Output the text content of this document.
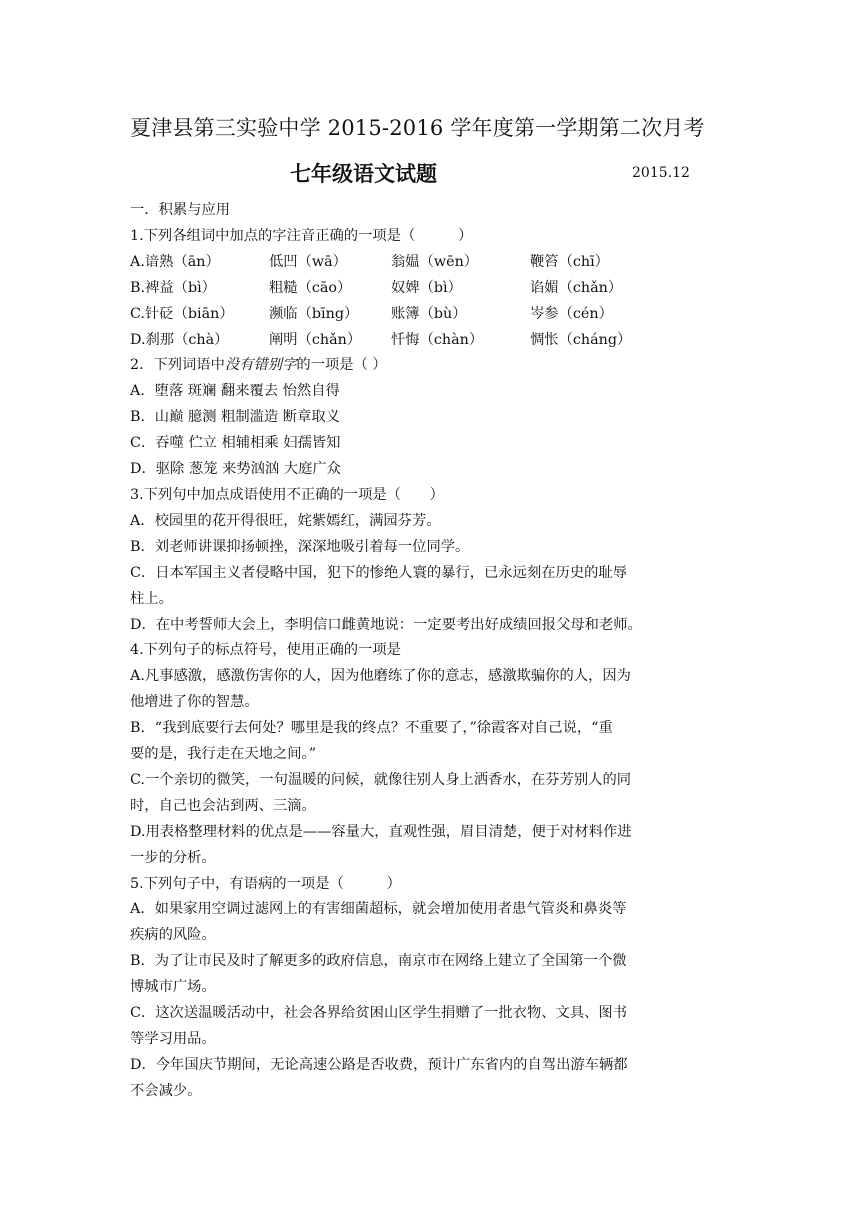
夏津县第三实验中学 2015-2016 学年度第一学期第二次月考
七年级语文试题	2015.12
一．积累与应用
1.下列各组词中加点的字注音正确的一项是（　　　）
A.谙熟（ān）	低凹（wā）	翁媪（wēn）	鞭笞（chī）
B.裨益（bì）	粗糙（cāo）	奴婢（bì）	谄媚（chǎn）
C.针砭（biān）	濒临（bīng）	账簿（bù）	岑参（cén）
D.刹那（chà）	阐明（chǎn）	忏悔（chàn）	惆怅（cháng）
2．下列词语中没有错别字的一项是（ ）
A．堕落 斑斓 翻来覆去 怡然自得
B．山巅 臆测 粗制滥造 断章取义
C．吞噬 伫立 相辅相乘 妇孺皆知
D．驱除 葱笼 来势汹汹 大庭广众
3.下列句中加点成语使用不正确的一项是（　　）
A．校园里的花开得很旺，姹紫嫣红，满园芬芳。
B．刘老师讲课抑扬顿挫，深深地吸引着每一位同学。
C．日本军国主义者侵略中国，犯下的惨绝人寰的暴行，已永远刻在历史的耻辱
柱上。
D．在中考誓师大会上，李明信口雌黄地说：一定要考出好成绩回报父母和老师。
4.下列句子的标点符号，使用正确的一项是
A.凡事感激，感激伤害你的人，因为他磨练了你的意志，感激欺骗你的人，因为
他增进了你的智慧。
B．“我到底要行去何处？哪里是我的终点？不重要了，”徐霞客对自己说，“重
要的是，我行走在天地之间。”
C.一个亲切的微笑，一句温暖的问候，就像往别人身上洒香水，在芬芳别人的同
时，自己也会沾到两、三滴。
D.用表格整理材料的优点是——容量大，直观性强，眉目清楚，便于对材料作进
一步的分析。
5.下列句子中，有语病的一项是（　　　）
A．如果家用空调过滤网上的有害细菌超标，就会增加使用者患气管炎和鼻炎等
疾病的风险。
B．为了让市民及时了解更多的政府信息，南京市在网络上建立了全国第一个微
博城市广场。
C．这次送温暖活动中，社会各界给贫困山区学生捐赠了一批衣物、文具、图书
等学习用品。
D．今年国庆节期间，无论高速公路是否收费，预计广东省内的自驾出游车辆都
不会减少。
